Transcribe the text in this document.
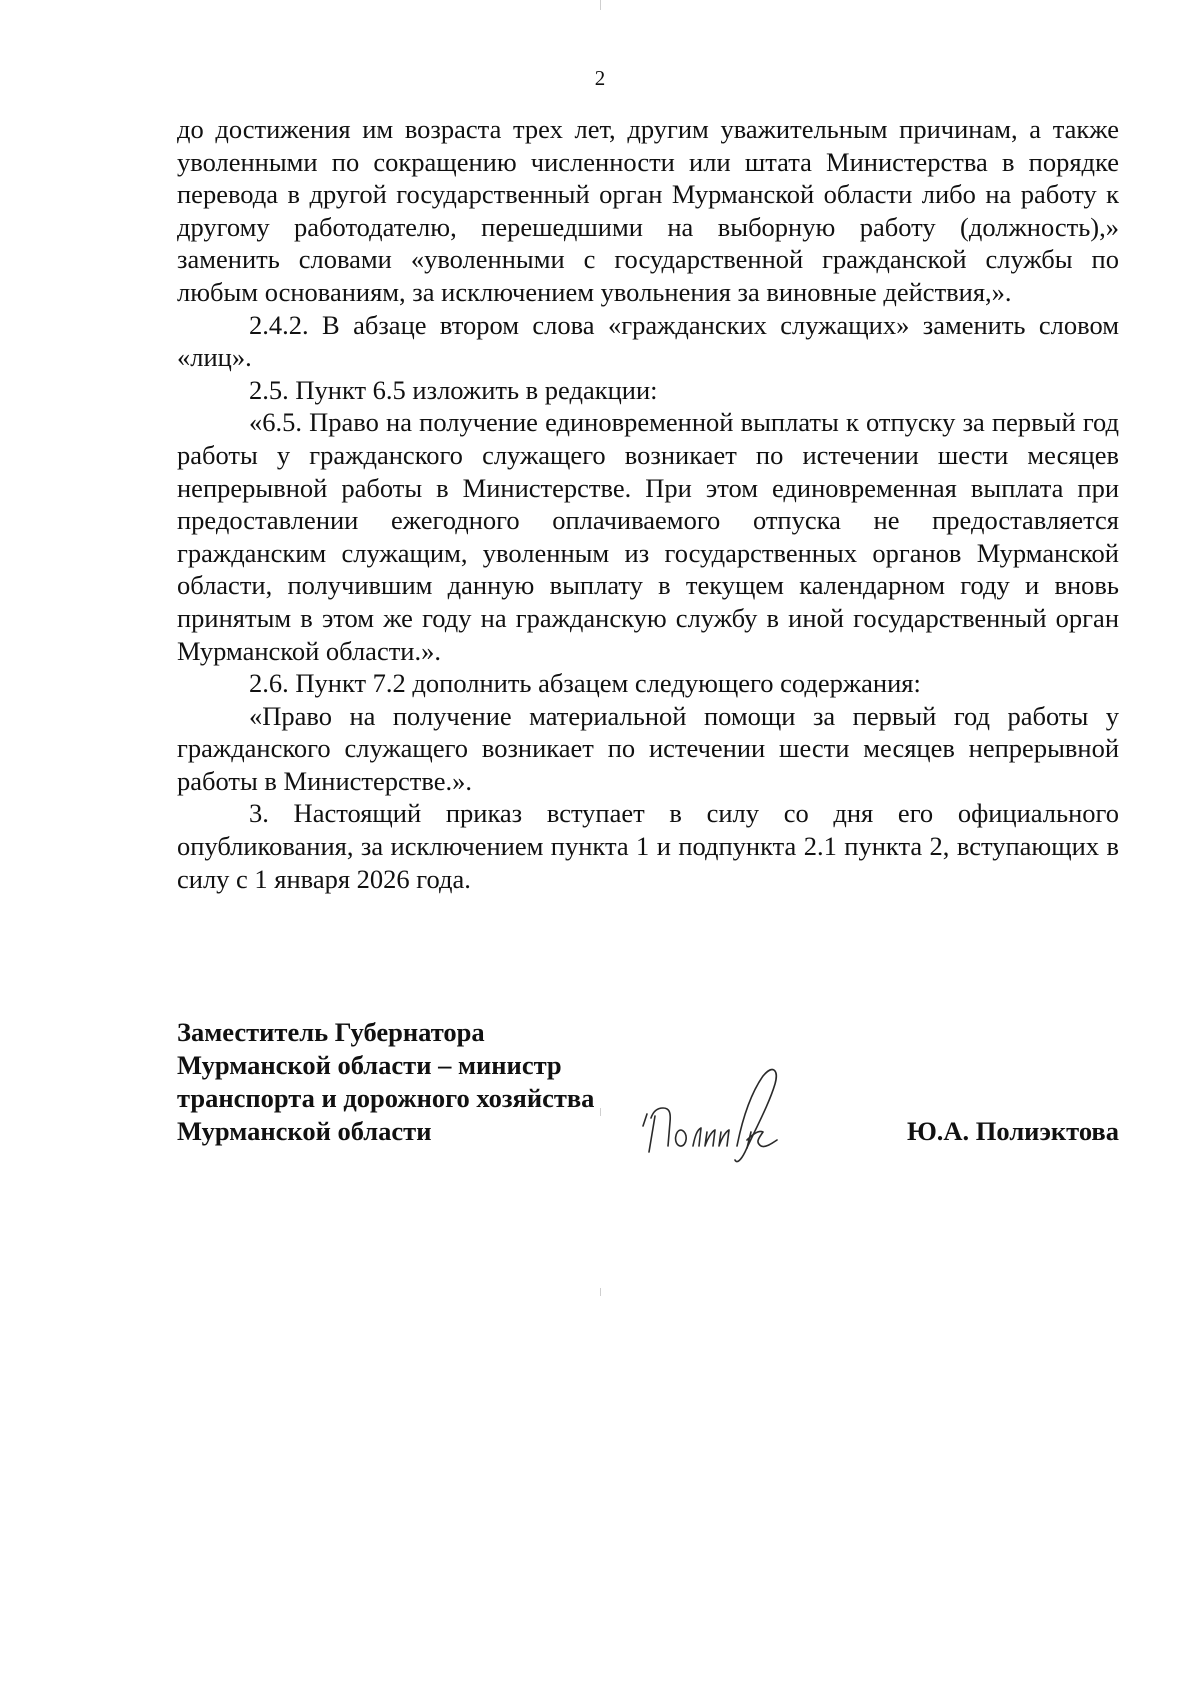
2

до достижения им возраста трех лет, другим уважительным причинам, а также уволенными по сокращению численности или штата Министерства в порядке перевода в другой государственный орган Мурманской области либо на работу к другому работодателю, перешедшими на выборную работу (должность),» заменить словами «уволенными с государственной гражданской службы по любым основаниям, за исключением увольнения за виновные действия,».

2.4.2. В абзаце втором слова «гражданских служащих» заменить словом «лиц».

2.5. Пункт 6.5 изложить в редакции:

«6.5. Право на получение единовременной выплаты к отпуску за первый год работы у гражданского служащего возникает по истечении шести месяцев непрерывной работы в Министерстве. При этом единовременная выплата при предоставлении ежегодного оплачиваемого отпуска не предоставляется гражданским служащим, уволенным из государственных органов Мурманской области, получившим данную выплату в текущем календарном году и вновь принятым в этом же году на гражданскую службу в иной государственный орган Мурманской области.».

2.6. Пункт 7.2 дополнить абзацем следующего содержания:

«Право на получение материальной помощи за первый год работы у гражданского служащего возникает по истечении шести месяцев непрерывной работы в Министерстве.».

3. Настоящий приказ вступает в силу со дня его официального опубликования, за исключением пункта 1 и подпункта 2.1 пункта 2, вступающих в силу с 1 января 2026 года.

Заместитель Губернатора
Мурманской области – министр
транспорта и дорожного хозяйства
Мурманской области	Ю.А. Полиэктова
